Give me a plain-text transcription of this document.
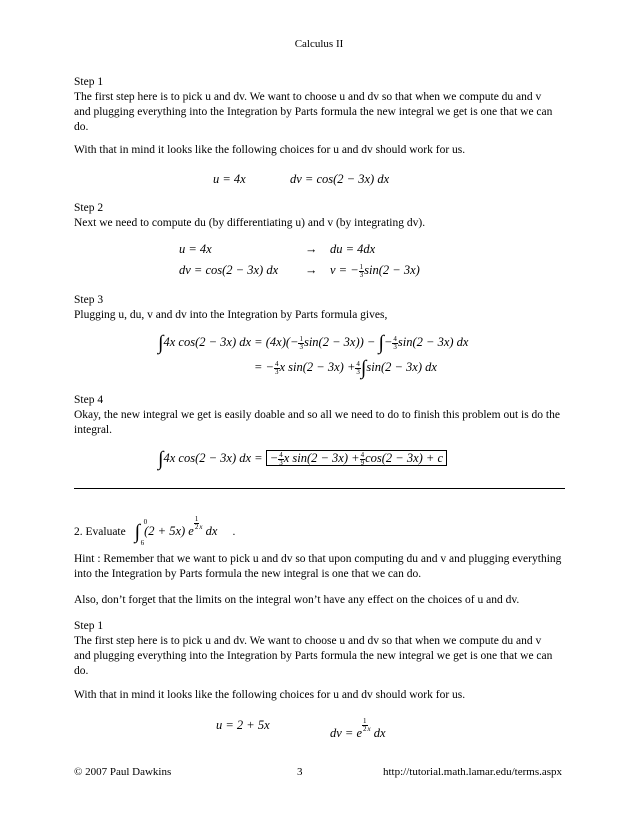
Calculus II
Step 1
The first step here is to pick u and dv. We want to choose u and dv so that when we compute du and v
and plugging everything into the Integration by Parts formula the new integral we get is one that we can
do.
With that in mind it looks like the following choices for u and dv should work for us.
u = 4x	dv = cos(2 − 3x) dx
Step 2
Next we need to compute du (by differentiating u) and v (by integrating dv).
u = 4x	→ du = 4dx
dv = cos(2 − 3x) dx → v = − $\frac{1}{3} \sin(2 - 3x)$
Step 3
Plugging u, du, v and dv into the Integration by Parts formula gives,
∫4x cos(2 − 3x) dx = $(4x)(- \frac{1}{3} \sin(2 - 3x))$ − ∫− $\frac{4}{3} \sin(2 - 3x)$ dx
= − $\frac{4}{3}$ x $\sin(2 - 3x) + \frac{4}{3} \int\sin(2 - 3x)$ dx
Step 4
Okay, the new integral we get is easily doable and so all we need to do to finish this problem out is do the
integral.
∫4x cos(2 − 3x) dx = − $\frac{4}{3}$ x $\sin(2 - 3x) + \frac{4}{9} \cos(2 - 3x) + c$
2. Evaluate ∫ 0
6
(2 + 5x) e $^{\frac{1}{2} x}$ dx .
Hint : Remember that we want to pick u and dv so that upon computing du and v and plugging everything
into the Integration by Parts formula the new integral is one that we can do.
Also, don’t forget that the limits on the integral won’t have any effect on the choices of u and dv.
Step 1
The first step here is to pick u and dv. We want to choose u and dv so that when we compute du and v
and plugging everything into the Integration by Parts formula the new integral we get is one that we can
do.
With that in mind it looks like the following choices for u and dv should work for us.
u = 2 + 5x
dv = e $^{\frac{1}{2} x}$ dx
© 2007 Paul Dawkins	3	http://tutorial.math.lamar.edu/terms.aspx
